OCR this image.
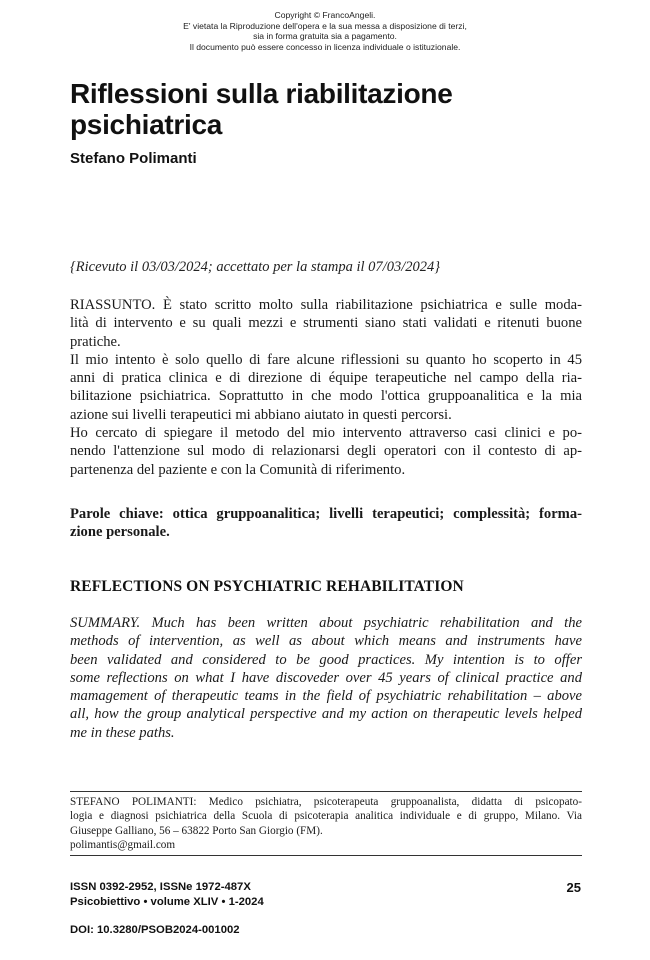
Copyright © FrancoAngeli.
E' vietata la Riproduzione dell'opera e la sua messa a disposizione di terzi,
sia in forma gratuita sia a pagamento.
Il documento può essere concesso in licenza individuale o istituzionale.
Riflessioni sulla riabilitazione
psichiatrica
Stefano Polimanti
{Ricevuto il 03/03/2024; accettato per la stampa il 07/03/2024}
RIASSUNTO. È stato scritto molto sulla riabilitazione psichiatrica e sulle moda-
lità di intervento e su quali mezzi e strumenti siano stati validati e ritenuti buone
pratiche.
Il mio intento è solo quello di fare alcune riflessioni su quanto ho scoperto in 45
anni di pratica clinica e di direzione di équipe terapeutiche nel campo della ria-
bilitazione psichiatrica. Soprattutto in che modo l'ottica gruppoanalitica e la mia
azione sui livelli terapeutici mi abbiano aiutato in questi percorsi.
Ho cercato di spiegare il metodo del mio intervento attraverso casi clinici e po-
nendo l'attenzione sul modo di relazionarsi degli operatori con il contesto di ap-
partenenza del paziente e con la Comunità di riferimento.
Parole chiave: ottica gruppoanalitica; livelli terapeutici; complessità; forma-
zione personale.
REFLECTIONS ON PSYCHIATRIC REHABILITATION
SUMMARY. Much has been written about psychiatric rehabilitation and the
methods of intervention, as well as about which means and instruments have
been validated and considered to be good practices. My intention is to offer
some reflections on what I have discoveder over 45 years of clinical practice and
mamagement of therapeutic teams in the field of psychiatric rehabilitation – above
all, how the group analytical perspective and my action on therapeutic levels helped
me in these paths.
STEFANO POLIMANTI: Medico psichiatra, psicoterapeuta gruppoanalista, didatta di psicopato-
logia e diagnosi psichiatrica della Scuola di psicoterapia analitica individuale e di gruppo, Milano. Via
Giuseppe Galliano, 56 – 63822 Porto San Giorgio (FM).
polimantis@gmail.com
ISSN 0392-2952, ISSNe 1972-487X
Psicobiettivo • volume XLIV • 1-2024
DOI: 10.3280/PSOB2024-001002
25
